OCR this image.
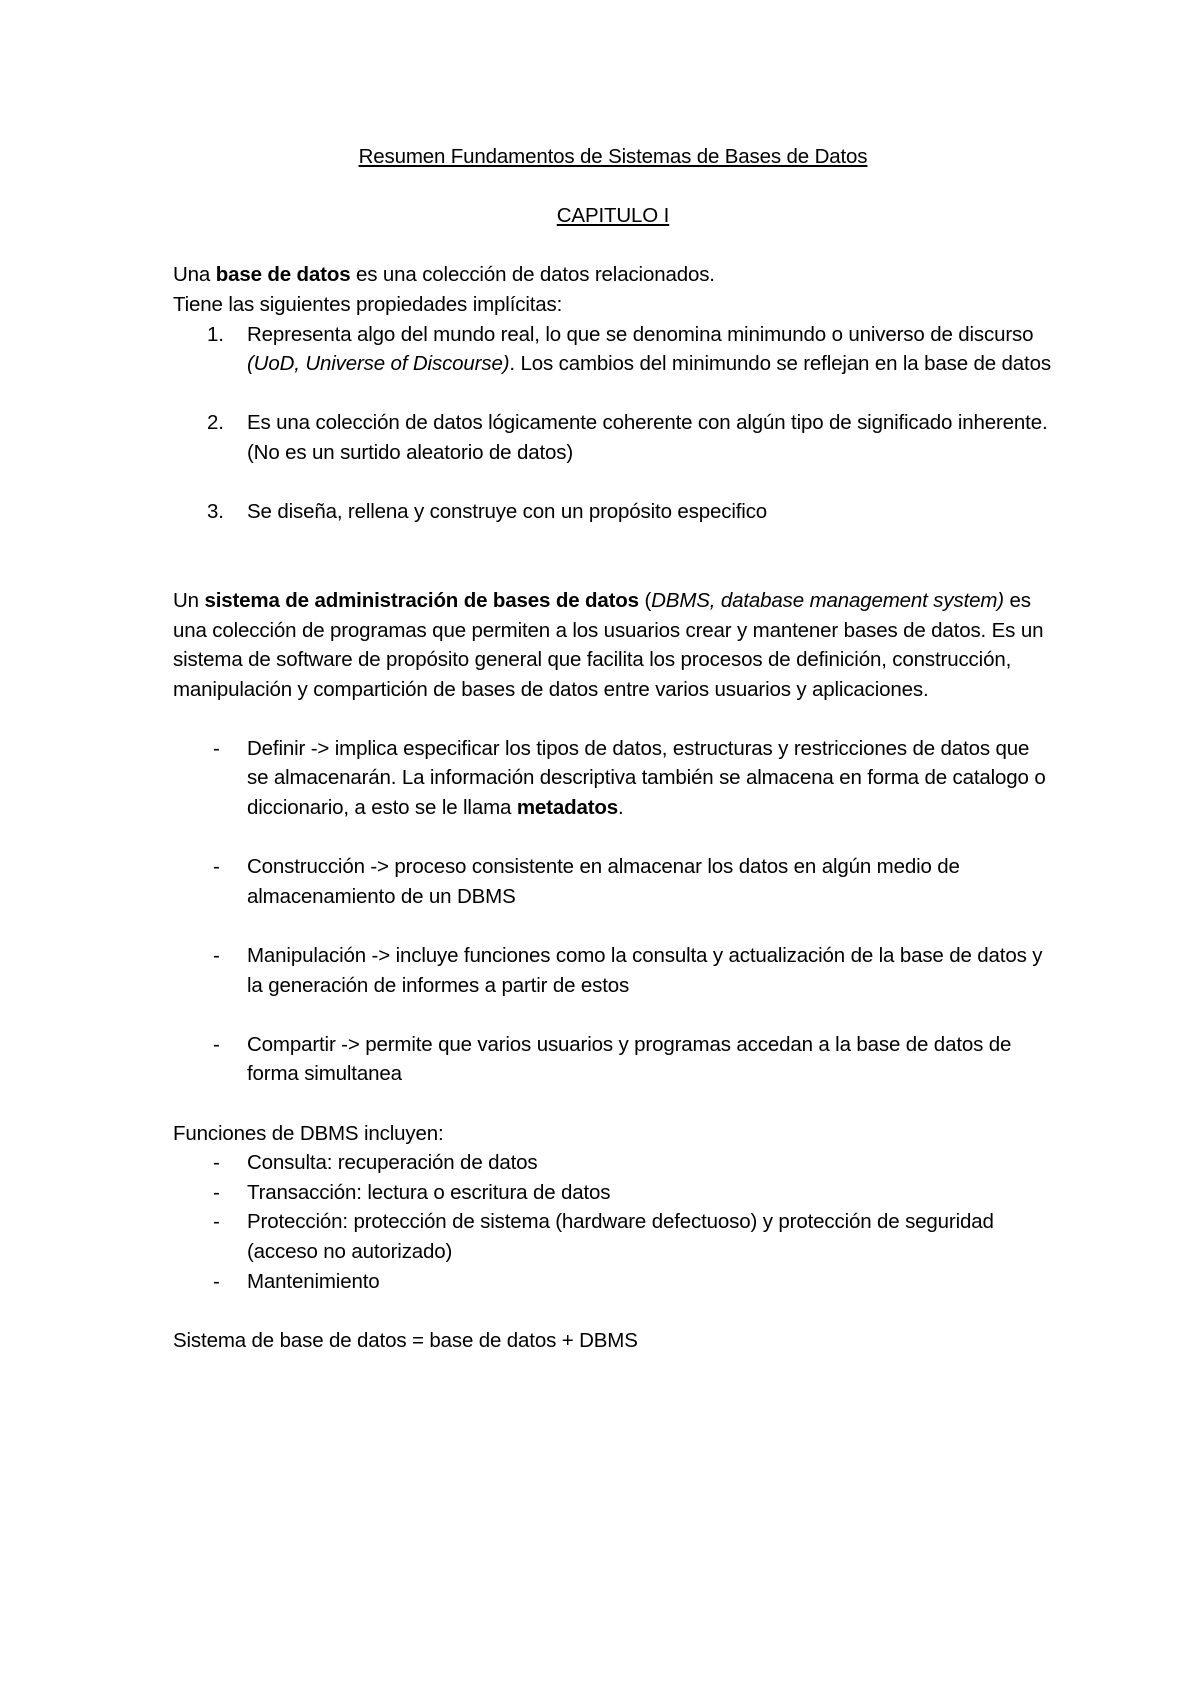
Resumen Fundamentos de Sistemas de Bases de Datos

CAPITULO I

Una base de datos es una colección de datos relacionados.

Tiene las siguientes propiedades implícitas:

1. Representa algo del mundo real, lo que se denomina minimundo o universo de discurso (UoD, Universe of Discourse). Los cambios del minimundo se reflejan en la base de datos
2. Es una colección de datos lógicamente coherente con algún tipo de significado inherente. (No es un surtido aleatorio de datos)
3. Se diseña, rellena y construye con un propósito especifico

Un sistema de administración de bases de datos (DBMS, database management system) es una colección de programas que permiten a los usuarios crear y mantener bases de datos. Es un sistema de software de propósito general que facilita los procesos de definición, construcción, manipulación y compartición de bases de datos entre varios usuarios y aplicaciones.

- Definir -> implica especificar los tipos de datos, estructuras y restricciones de datos que se almacenarán. La información descriptiva también se almacena en forma de catalogo o diccionario, a esto se le llama metadatos.
- Construcción -> proceso consistente en almacenar los datos en algún medio de almacenamiento de un DBMS
- Manipulación -> incluye funciones como la consulta y actualización de la base de datos y la generación de informes a partir de estos
- Compartir -> permite que varios usuarios y programas accedan a la base de datos de forma simultanea

Funciones de DBMS incluyen:

- Consulta: recuperación de datos
- Transacción: lectura o escritura de datos
- Protección: protección de sistema (hardware defectuoso) y protección de seguridad (acceso no autorizado)
- Mantenimiento

Sistema de base de datos = base de datos + DBMS
